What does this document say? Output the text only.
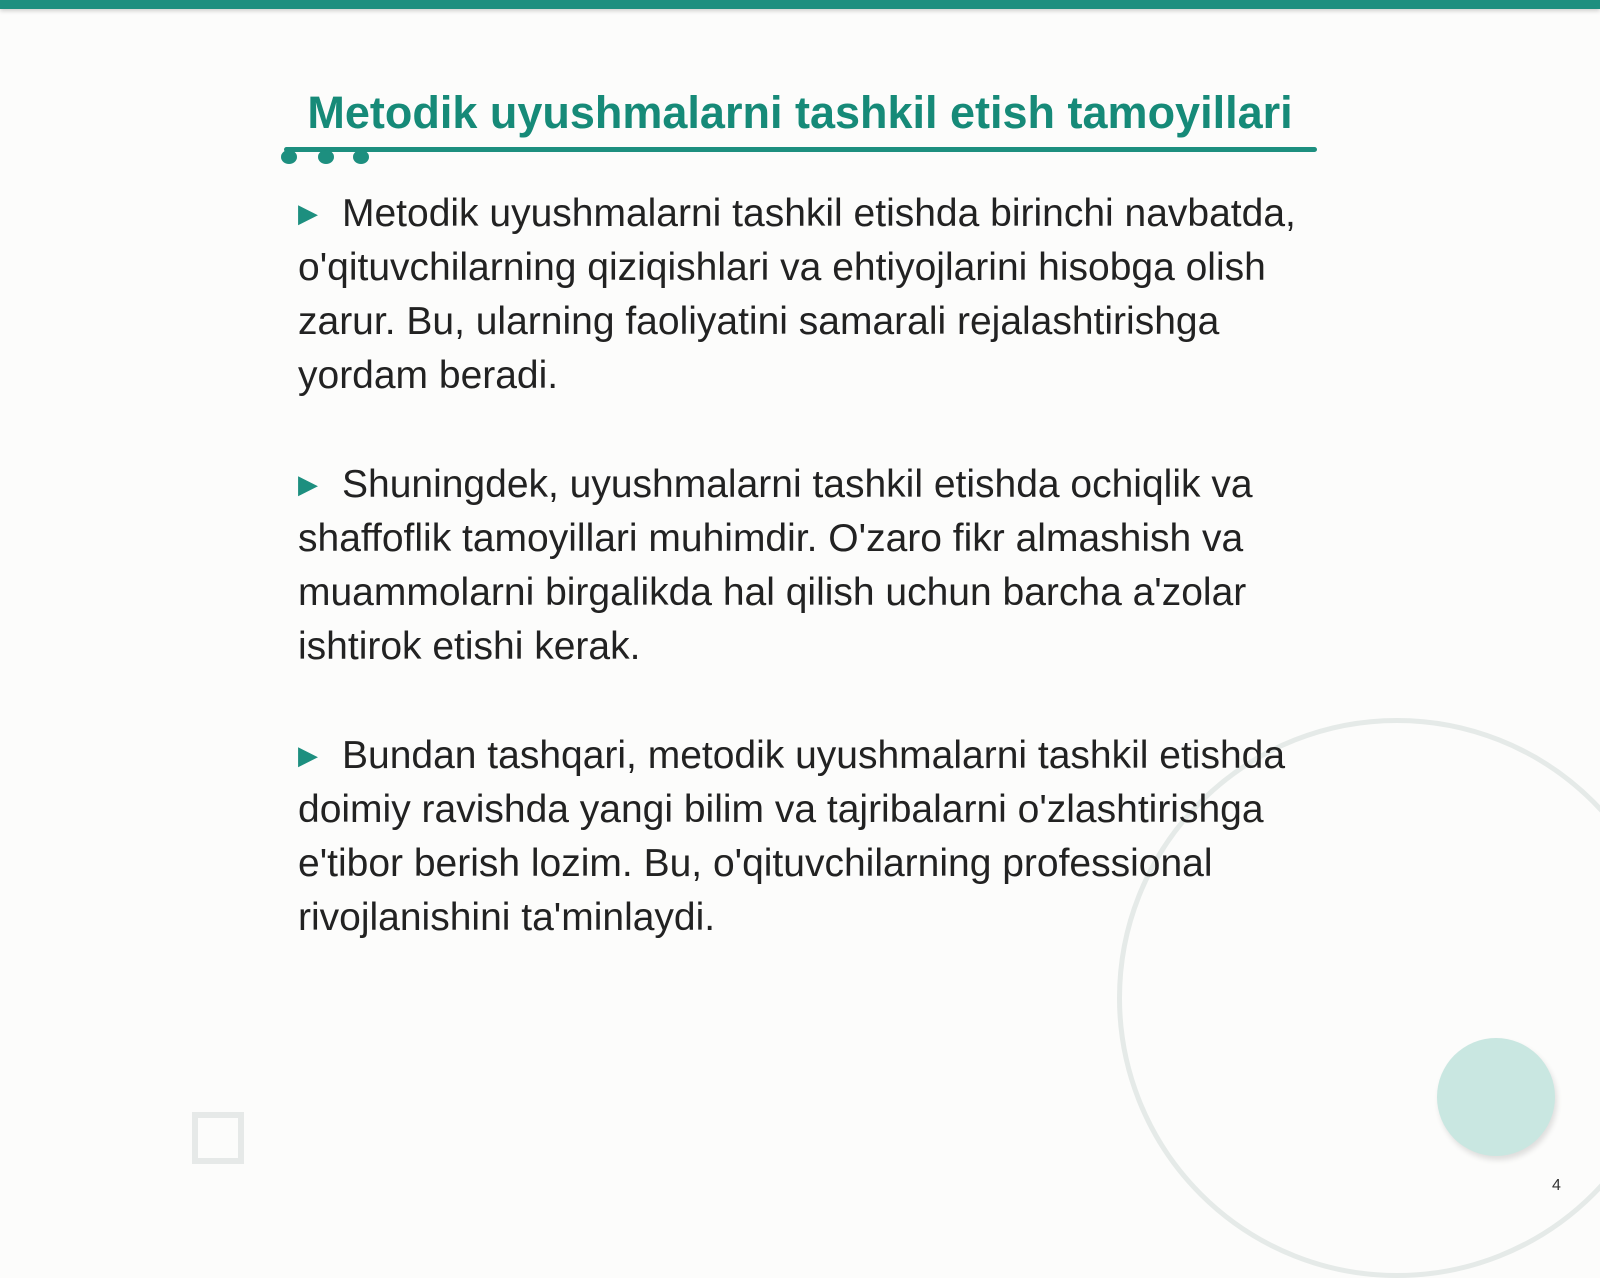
Metodik uyushmalarni tashkil etish tamoyillari

▶ Metodik uyushmalarni tashkil etishda birinchi navbatda, o'qituvchilarning qiziqishlari va ehtiyojlarini hisobga olish zarur. Bu, ularning faoliyatini samarali rejalashtirishga yordam beradi.

▶ Shuningdek, uyushmalarni tashkil etishda ochiqlik va shaffoflik tamoyillari muhimdir. O'zaro fikr almashish va muammolarni birgalikda hal qilish uchun barcha a'zolar ishtirok etishi kerak.

▶ Bundan tashqari, metodik uyushmalarni tashkil etishda doimiy ravishda yangi bilim va tajribalarni o'zlashtirishga e'tibor berish lozim. Bu, o'qituvchilarning professional rivojlanishini ta'minlaydi.

4
